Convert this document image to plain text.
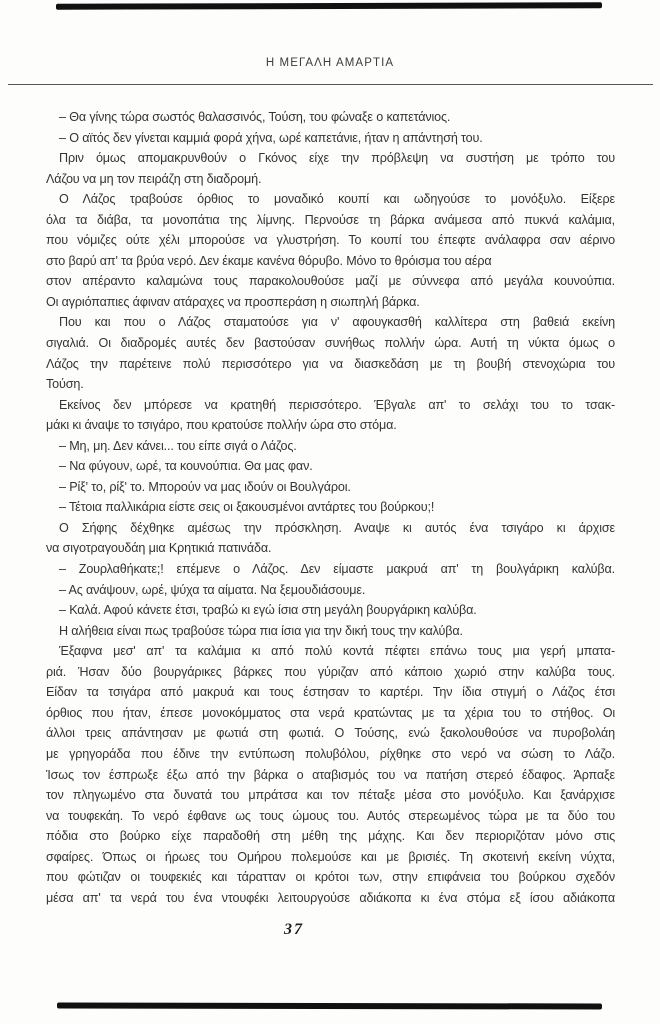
Η ΜΕΓΑΛΗ ΑΜΑΡΤΙΑ
– Θα γίνης τώρα σωστός θαλασσινός, Τούση, του φώναξε ο καπετάνιος.
– Ο αϊτός δεν γίνεται καμμιά φορά χήνα, ωρέ καπετάνιε, ήταν η απάντησή του.
Πριν όμως απομακρυνθούν ο Γκόνος είχε την πρόβλεψη να συστήση με τρόπο του
Λάζου να μη τον πειράζη στη διαδρομή.
Ο Λάζος τραβούσε όρθιος το μοναδικό κουπί και ωδηγούσε το μονόξυλο. Είξερε
όλα τα διάβα, τα μονοπάτια της λίμνης. Περνούσε τη βάρκα ανάμεσα από πυκνά καλάμια,
που νόμιζες ούτε χέλι μπορούσε να γλυστρήση. Το κουπί του έπεφτε ανάλαφρα σαν αέρινο
στο βαρύ απ' τα βρύα νερό. Δεν έκαμε κανένα θόρυβο. Μόνο το θρόισμα του αέρα
στον απέραντο καλαμώνα τους παρακολουθούσε μαζί με σύννεφα από μεγάλα κουνούπια.
Οι αγριόπαπιες άφιναν ατάραχες να προσπεράση η σιωπηλή βάρκα.
Που και που ο Λάζος σταματούσε για ν' αφουγκασθή καλλίτερα στη βαθειά εκείνη
σιγαλιά. Οι διαδρομές αυτές δεν βαστούσαν συνήθως πολλήν ώρα. Αυτή τη νύκτα όμως ο
Λάζος την παρέτεινε πολύ περισσότερο για να διασκεδάση με τη βουβή στενοχώρια του
Τούση.
Εκείνος δεν μπόρεσε να κρατηθή περισσότερο. Έβγαλε απ' το σελάχι του το τσακ-
μάκι κι άναψε το τσιγάρο, που κρατούσε πολλήν ώρα στο στόμα.
– Μη, μη. Δεν κάνει... του είπε σιγά ο Λάζος.
– Να φύγουν, ωρέ, τα κουνούπια. Θα μας φαν.
– Ρίξ' το, ρίξ' το. Μπορούν να μας ιδούν οι Βουλγάροι.
– Τέτοια παλλικάρια είστε σεις οι ξακουσμένοι αντάρτες του βούρκου;!
Ο Σήφης δέχθηκε αμέσως την πρόσκληση. Αναψε κι αυτός ένα τσιγάρο κι άρχισε
να σιγοτραγουδάη μια Κρητικιά πατινάδα.
– Ζουρλαθήκατε;! επέμενε ο Λάζος. Δεν είμαστε μακρυά απ' τη βουλγάρικη καλύβα.
– Ας ανάψουν, ωρέ, ψύχα τα αίματα. Να ξεμουδιάσουμε.
– Καλά. Αφού κάνετε έτσι, τραβώ κι εγώ ίσια στη μεγάλη βουργάρικη καλύβα.
Η αλήθεια είναι πως τραβούσε τώρα πια ίσια για την δική τους την καλύβα.
Έξαφνα μεσ' απ' τα καλάμια κι από πολύ κοντά πέφτει επάνω τους μια γερή μπατα-
ριά. Ήσαν δύο βουργάρικες βάρκες που γύριζαν από κάποιο χωριό στην καλύβα τους.
Είδαν τα τσιγάρα από μακρυά και τους έστησαν το καρτέρι. Την ίδια στιγμή ο Λάζος έτσι
όρθιος που ήταν, έπεσε μονοκόμματος στα νερά κρατώντας με τα χέρια του το στήθος. Οι
άλλοι τρεις απάντησαν με φωτιά στη φωτιά. Ο Τούσης, ενώ ξακολουθούσε να πυροβολάη
με γρηγοράδα που έδινε την εντύπωση πολυβόλου, ρίχθηκε στο νερό να σώση το Λάζο.
Ίσως τον έσπρωξε έξω από την βάρκα ο αταβισμός του να πατήση στερεό έδαφος. Άρπαξε
τον πληγωμένο στα δυνατά του μπράτσα και τον πέταξε μέσα στο μονόξυλο. Και ξανάρχισε
να τουφεκάη. Το νερό έφθανε ως τους ώμους του. Αυτός στερεωμένος τώρα με τα δύο του
πόδια στο βούρκο είχε παραδοθή στη μέθη της μάχης. Και δεν περιοριζόταν μόνο στις
σφαίρες. Όπως οι ήρωες του Ομήρου πολεμούσε και με βρισιές. Τη σκοτεινή εκείνη νύχτα,
που φώτιζαν οι τουφεκιές και τάρατταν οι κρότοι των, στην επιφάνεια του βούρκου σχεδόν
μέσα απ' τα νερά του ένα ντουφέκι λειτουργούσε αδιάκοπα κι ένα στόμα εξ ίσου αδιάκοπα
37
